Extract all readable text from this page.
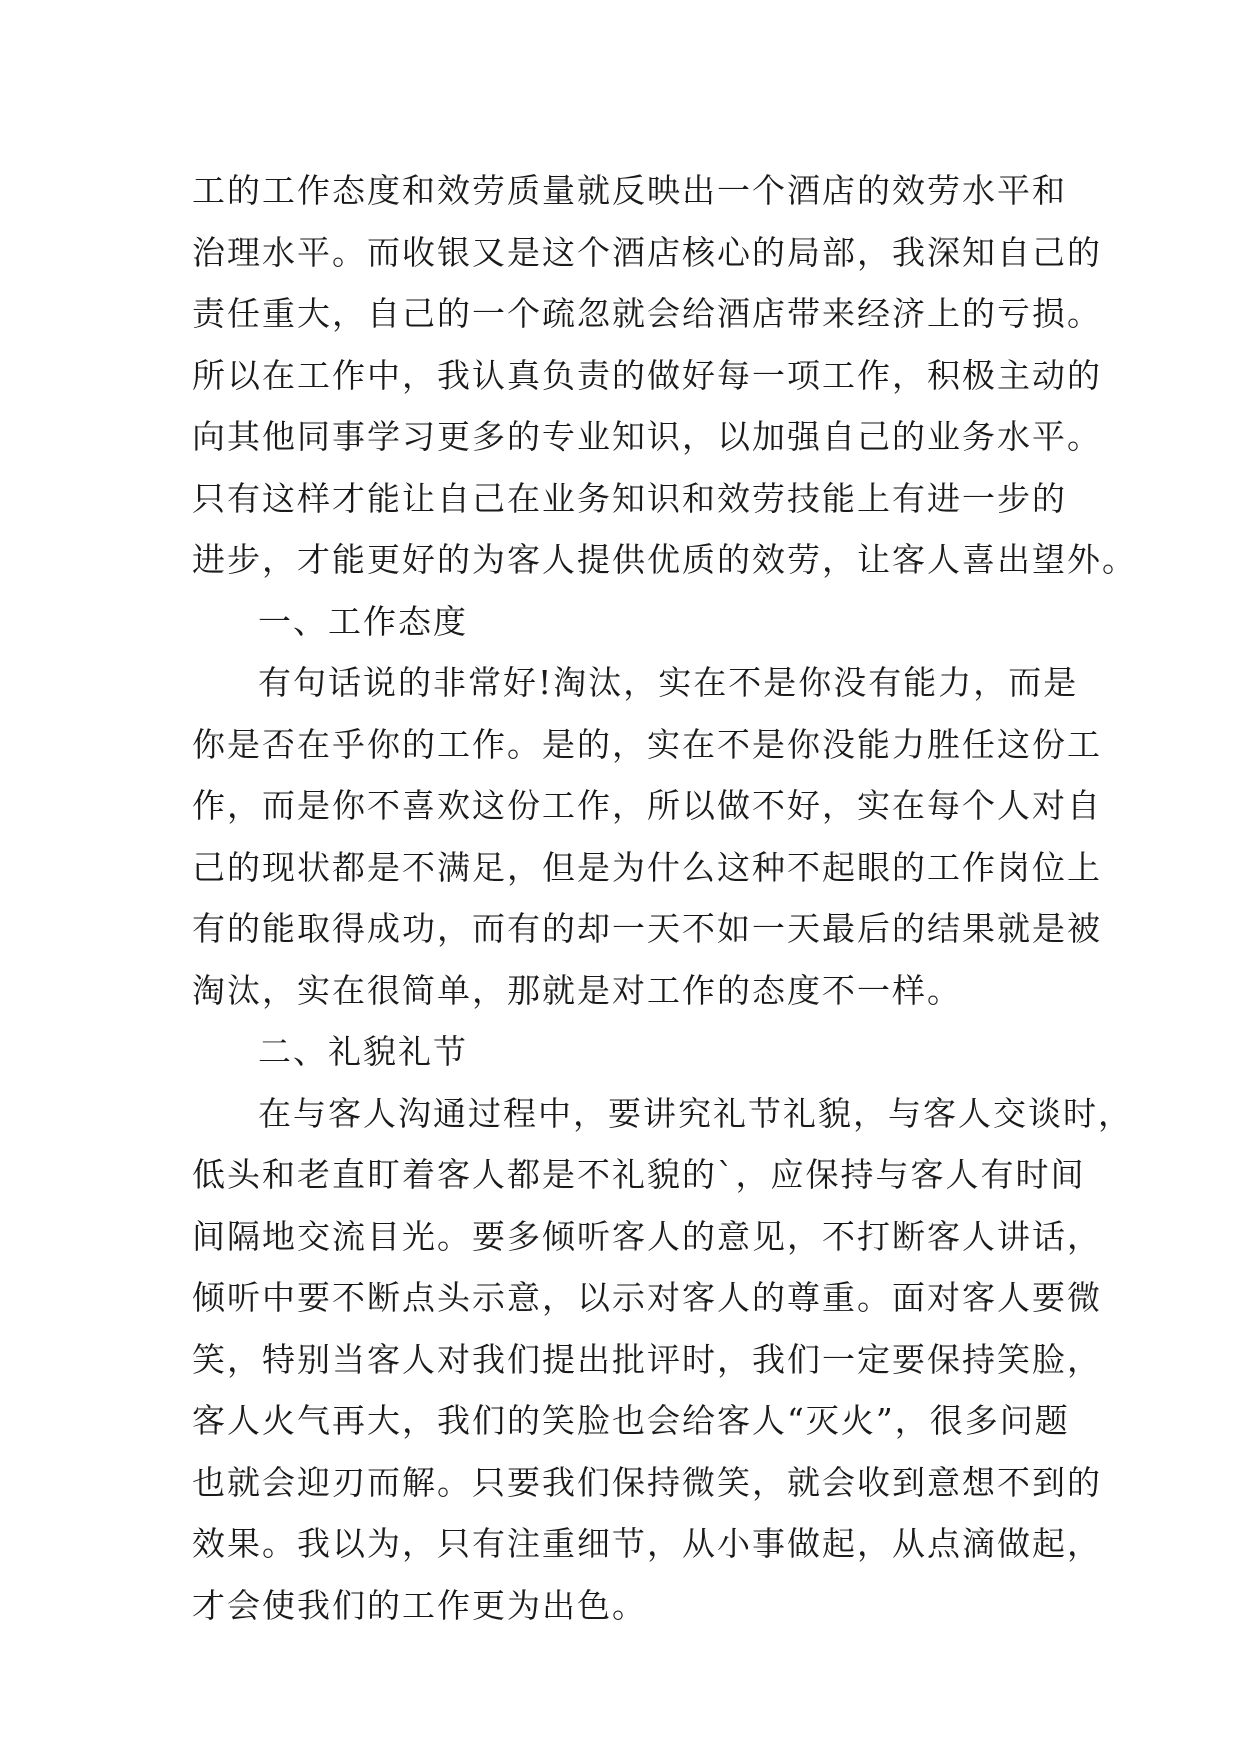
工的工作态度和效劳质量就反映出一个酒店的效劳水平和
治理水平。而收银又是这个酒店核心的局部，我深知自己的
责任重大，自己的一个疏忽就会给酒店带来经济上的亏损。
所以在工作中，我认真负责的做好每一项工作，积极主动的
向其他同事学习更多的专业知识，以加强自己的业务水平。
只有这样才能让自己在业务知识和效劳技能上有进一步的
进步，才能更好的为客人提供优质的效劳，让客人喜出望外。
一、工作态度
有句话说的非常好!淘汰，实在不是你没有能力，而是
你是否在乎你的工作。是的，实在不是你没能力胜任这份工
作，而是你不喜欢这份工作，所以做不好，实在每个人对自
己的现状都是不满足，但是为什么这种不起眼的工作岗位上
有的能取得成功，而有的却一天不如一天最后的结果就是被
淘汰，实在很简单，那就是对工作的态度不一样。
二、礼貌礼节
在与客人沟通过程中，要讲究礼节礼貌，与客人交谈时，
低头和老直盯着客人都是不礼貌的`，应保持与客人有时间
间隔地交流目光。要多倾听客人的意见，不打断客人讲话，
倾听中要不断点头示意，以示对客人的尊重。面对客人要微
笑，特别当客人对我们提出批评时，我们一定要保持笑脸，
客人火气再大，我们的笑脸也会给客人“灭火”，很多问题
也就会迎刃而解。只要我们保持微笑，就会收到意想不到的
效果。我以为，只有注重细节，从小事做起，从点滴做起，
才会使我们的工作更为出色。
